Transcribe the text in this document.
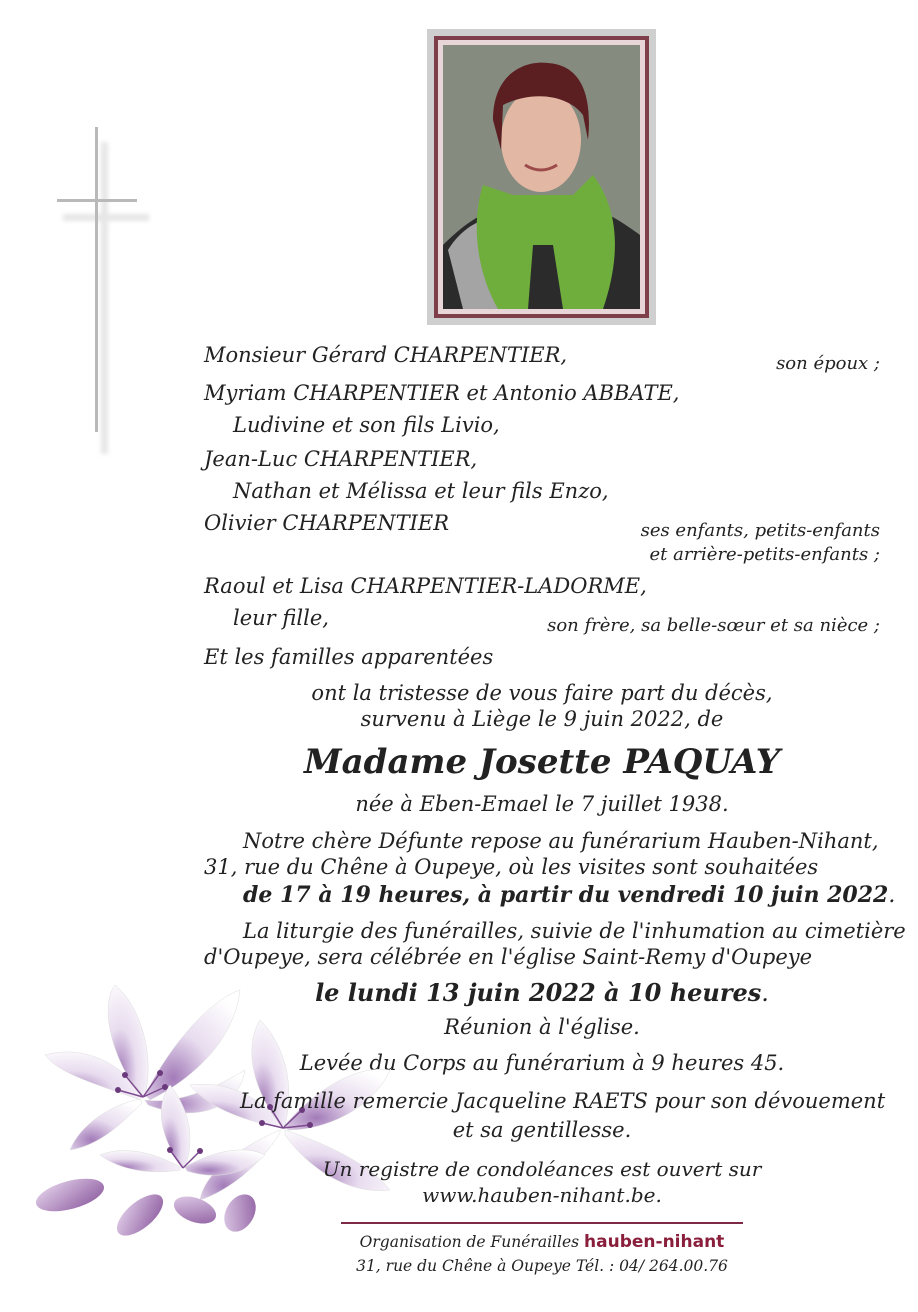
Monsieur Gérard CHARPENTIER,	son époux ;
Myriam CHARPENTIER et Antonio ABBATE,
Ludivine et son fils Livio,
Jean-Luc CHARPENTIER,
Nathan et Mélissa et leur fils Enzo,
Olivier CHARPENTIER	ses enfants, petits-enfants
et arrière-petits-enfants ;
Raoul et Lisa CHARPENTIER-LADORME,
leur fille,	son frère, sa belle-sœur et sa nièce ;
Et les familles apparentées
ont la tristesse de vous faire part du décès,
survenu à Liège le 9 juin 2022, de
Madame Josette PAQUAY
née à Eben-Emael le 7 juillet 1938.
Notre chère Défunte repose au funérarium Hauben-Nihant,
31, rue du Chêne à Oupeye, où les visites sont souhaitées
de 17 à 19 heures, à partir du vendredi 10 juin 2022.
La liturgie des funérailles, suivie de l'inhumation au cimetière
d'Oupeye, sera célébrée en l'église Saint-Remy d'Oupeye
le lundi 13 juin 2022 à 10 heures.
Réunion à l'église.
Levée du Corps au funérarium à 9 heures 45.
La famille remercie Jacqueline RAETS pour son dévouement
et sa gentillesse.
Un registre de condoléances est ouvert sur
www.hauben-nihant.be.
Organisation de Funérailles hauben-nihant
31, rue du Chêne à Oupeye Tél. : 04/ 264.00.76
